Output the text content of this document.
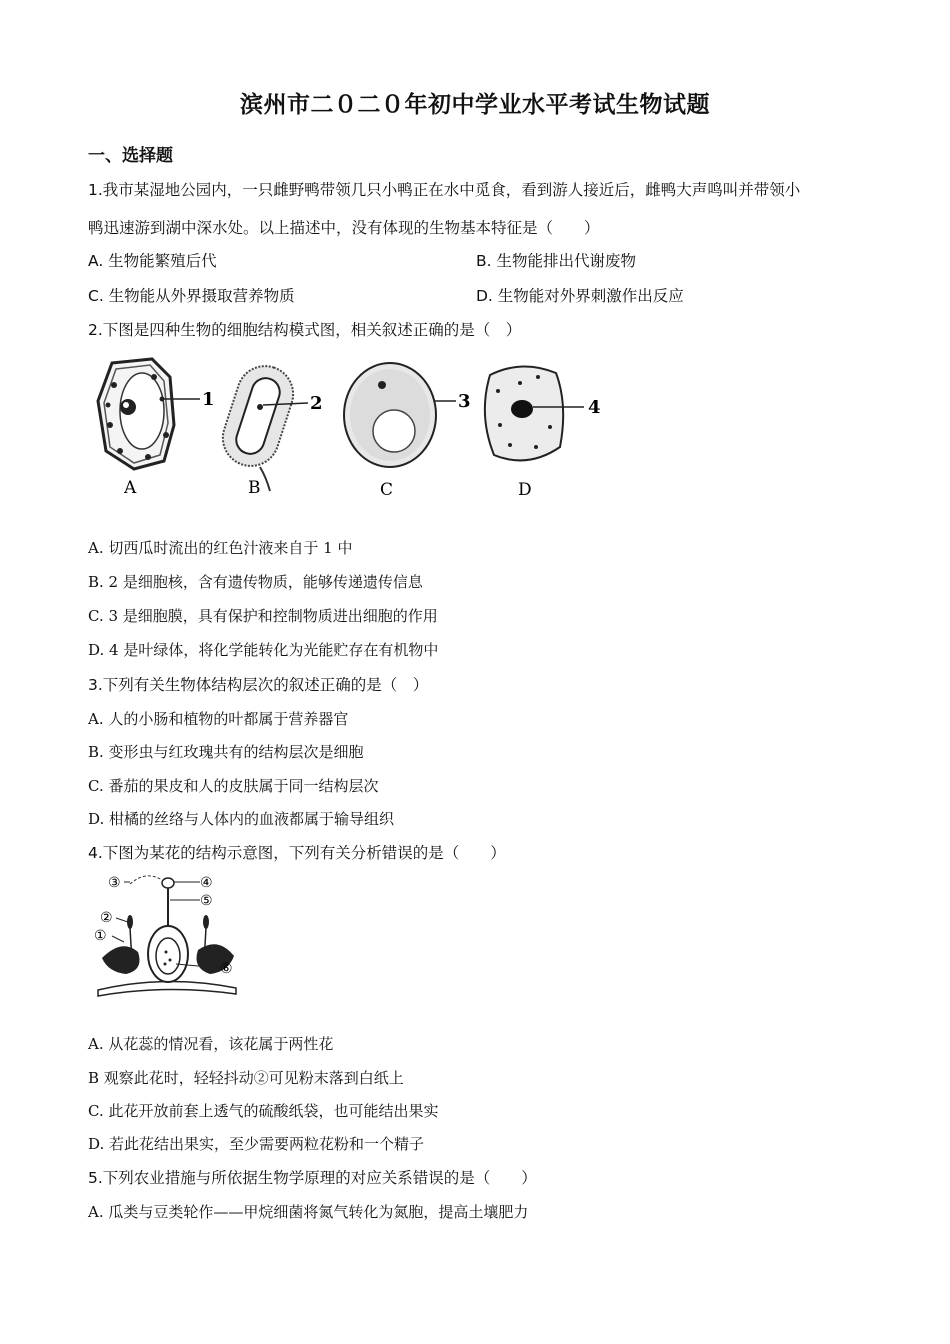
滨州市二０二０年初中学业水平考试生物试题
一、选择题
1.我市某湿地公园内，一只雌野鸭带领几只小鸭正在水中觅食，看到游人接近后，雌鸭大声鸣叫并带领小
鸭迅速游到湖中深水处。以上描述中，没有体现的生物基本特征是（　　）
A. 生物能繁殖后代	B. 生物能排出代谢废物
C. 生物能从外界摄取营养物质	D. 生物能对外界刺激作出反应
2.下图是四种生物的细胞结构模式图，相关叙述正确的是（　）
1
A
2
B
3
C
4
D
A. 切西瓜时流出的红色汁液来自于 1 中
B. 2 是细胞核，含有遗传物质，能够传递遗传信息
C. 3 是细胞膜，具有保护和控制物质进出细胞的作用
D. 4 是叶绿体，将化学能转化为光能贮存在有机物中
3.下列有关生物体结构层次的叙述正确的是（　）
A. 人的小肠和植物的叶都属于营养器官
B. 变形虫与红玫瑰共有的结构层次是细胞
C. 番茄的果皮和人的皮肤属于同一结构层次
D. 柑橘的丝络与人体内的血液都属于输导组织
4.下图为某花的结构示意图，下列有关分析错误的是（　　）
③	④
②
⑤
①
⑥
A. 从花蕊的情况看，该花属于两性花
B 观察此花时，轻轻抖动②可见粉末落到白纸上
C. 此花开放前套上透气的硫酸纸袋，也可能结出果实
D. 若此花结出果实，至少需要两粒花粉和一个精子
5.下列农业措施与所依据生物学原理的对应关系错误的是（　　）
A. 瓜类与豆类轮作——甲烷细菌将氮气转化为氮胞，提高土壤肥力
